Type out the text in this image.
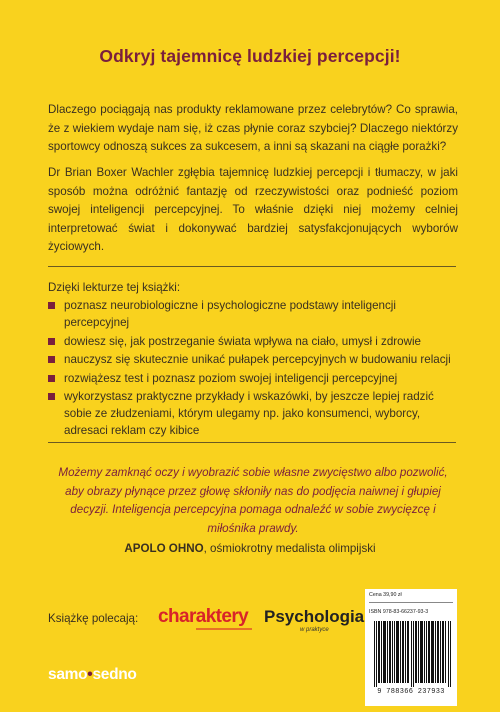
Odkryj tajemnicę ludzkiej percepcji!

Dlaczego pociągają nas produkty reklamowane przez celebrytów? Co sprawia, że z wiekiem wydaje nam się, iż czas płynie coraz szybciej? Dlaczego niektórzy sportowcy odnoszą sukces za sukcesem, a inni są skazani na ciągłe porażki?

Dr Brian Boxer Wachler zgłębia tajemnicę ludzkiej percepcji i tłumaczy, w jaki sposób można odróżnić fantazję od rzeczywistości oraz podnieść poziom swojej inteligencji percepcyjnej. To właśnie dzięki niej możemy celniej interpretować świat i dokonywać bardziej satysfakcjonujących wyborów życiowych.

Dzięki lekturze tej książki:

poznasz neurobiologiczne i psychologiczne podstawy inteligencji percepcyjnej
dowiesz się, jak postrzeganie świata wpływa na ciało, umysł i zdrowie
nauczysz się skutecznie unikać pułapek percepcyjnych w budowaniu relacji
rozwiążesz test i poznasz poziom swojej inteligencji percepcyjnej
wykorzystasz praktyczne przykłady i wskazówki, by jeszcze lepiej radzić sobie ze złudzeniami, którym ulegamy np. jako konsumenci, wyborcy, adresaci reklam czy kibice

Możemy zamknąć oczy i wyobrazić sobie własne zwycięstwo albo pozwolić, aby obrazy płynące przez głowę skłoniły nas do podjęcia naiwnej i głupiej decyzji. Inteligencja percepcyjna pomaga odnaleźć w sobie zwycięzcę i miłośnika prawdy.

APOLO OHNO, ośmiokrotny medalista olimpijski
Książkę polecają: charaktery Psychologia
w praktyce
samo•sedno
Cena 39,90 zł
ISBN 978-83-66237-93-3
9 788366 237933
